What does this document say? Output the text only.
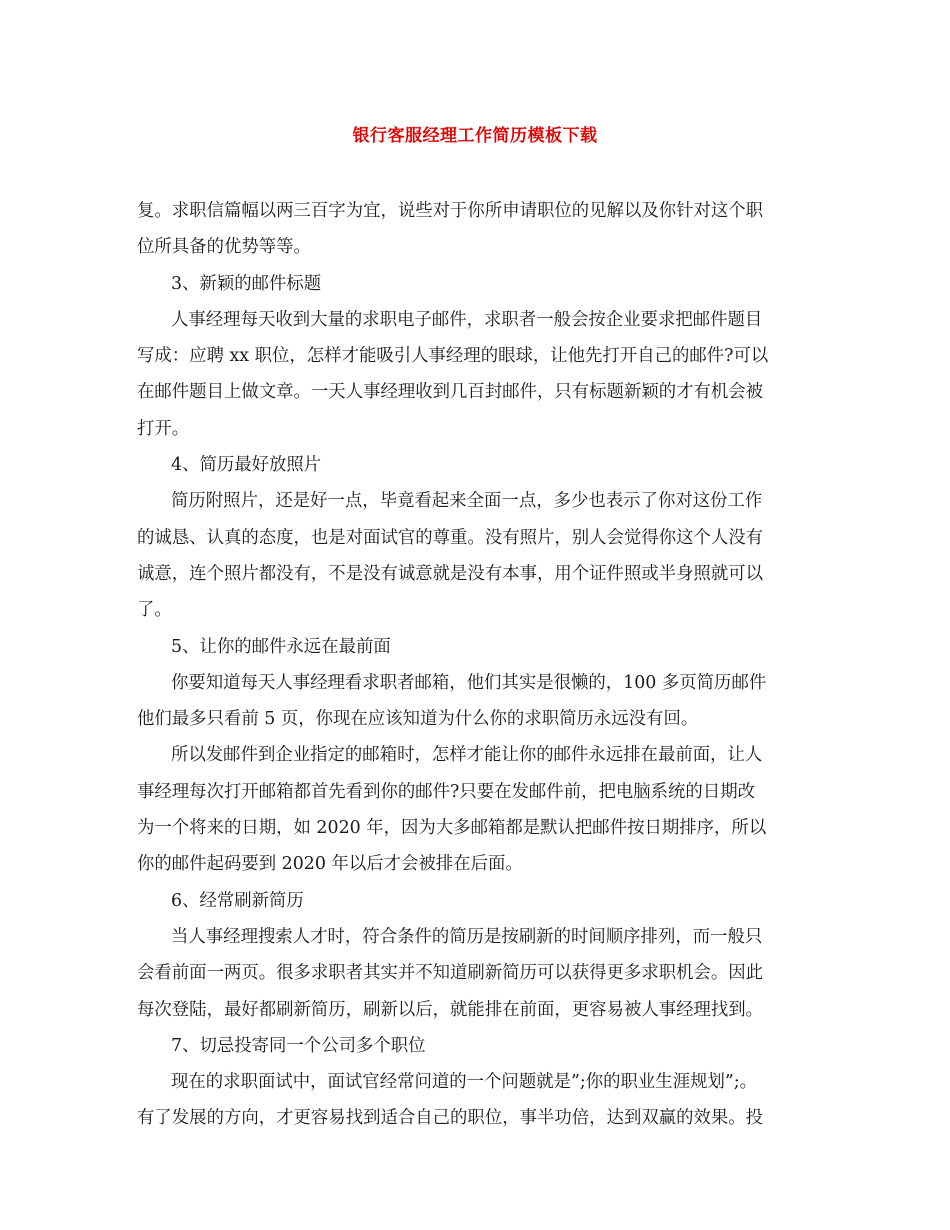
银行客服经理工作简历模板下载
复。求职信篇幅以两三百字为宜，说些对于你所申请职位的见解以及你针对这个职
位所具备的优势等等。
3、新颖的邮件标题
人事经理每天收到大量的求职电子邮件，求职者一般会按企业要求把邮件题目
写成：应聘 xx 职位，怎样才能吸引人事经理的眼球，让他先打开自己的邮件?可以
在邮件题目上做文章。一天人事经理收到几百封邮件，只有标题新颖的才有机会被
打开。
4、简历最好放照片
简历附照片，还是好一点，毕竟看起来全面一点，多少也表示了你对这份工作
的诚恳、认真的态度，也是对面试官的尊重。没有照片，别人会觉得你这个人没有
诚意，连个照片都没有，不是没有诚意就是没有本事，用个证件照或半身照就可以
了。
5、让你的邮件永远在最前面
你要知道每天人事经理看求职者邮箱，他们其实是很懒的，100 多页简历邮件
他们最多只看前 5 页，你现在应该知道为什么你的求职简历永远没有回。
所以发邮件到企业指定的邮箱时，怎样才能让你的邮件永远排在最前面，让人
事经理每次打开邮箱都首先看到你的邮件?只要在发邮件前，把电脑系统的日期改
为一个将来的日期，如 2020 年，因为大多邮箱都是默认把邮件按日期排序，所以
你的邮件起码要到 2020 年以后才会被排在后面。
6、经常刷新简历
当人事经理搜索人才时，符合条件的简历是按刷新的时间顺序排列，而一般只
会看前面一两页。很多求职者其实并不知道刷新简历可以获得更多求职机会。因此
每次登陆，最好都刷新简历，刷新以后，就能排在前面，更容易被人事经理找到。
7、切忌投寄同一个公司多个职位
现在的求职面试中，面试官经常问道的一个问题就是”;你的职业生涯规划”;。
有了发展的方向，才更容易找到适合自己的职位，事半功倍，达到双赢的效果。投
